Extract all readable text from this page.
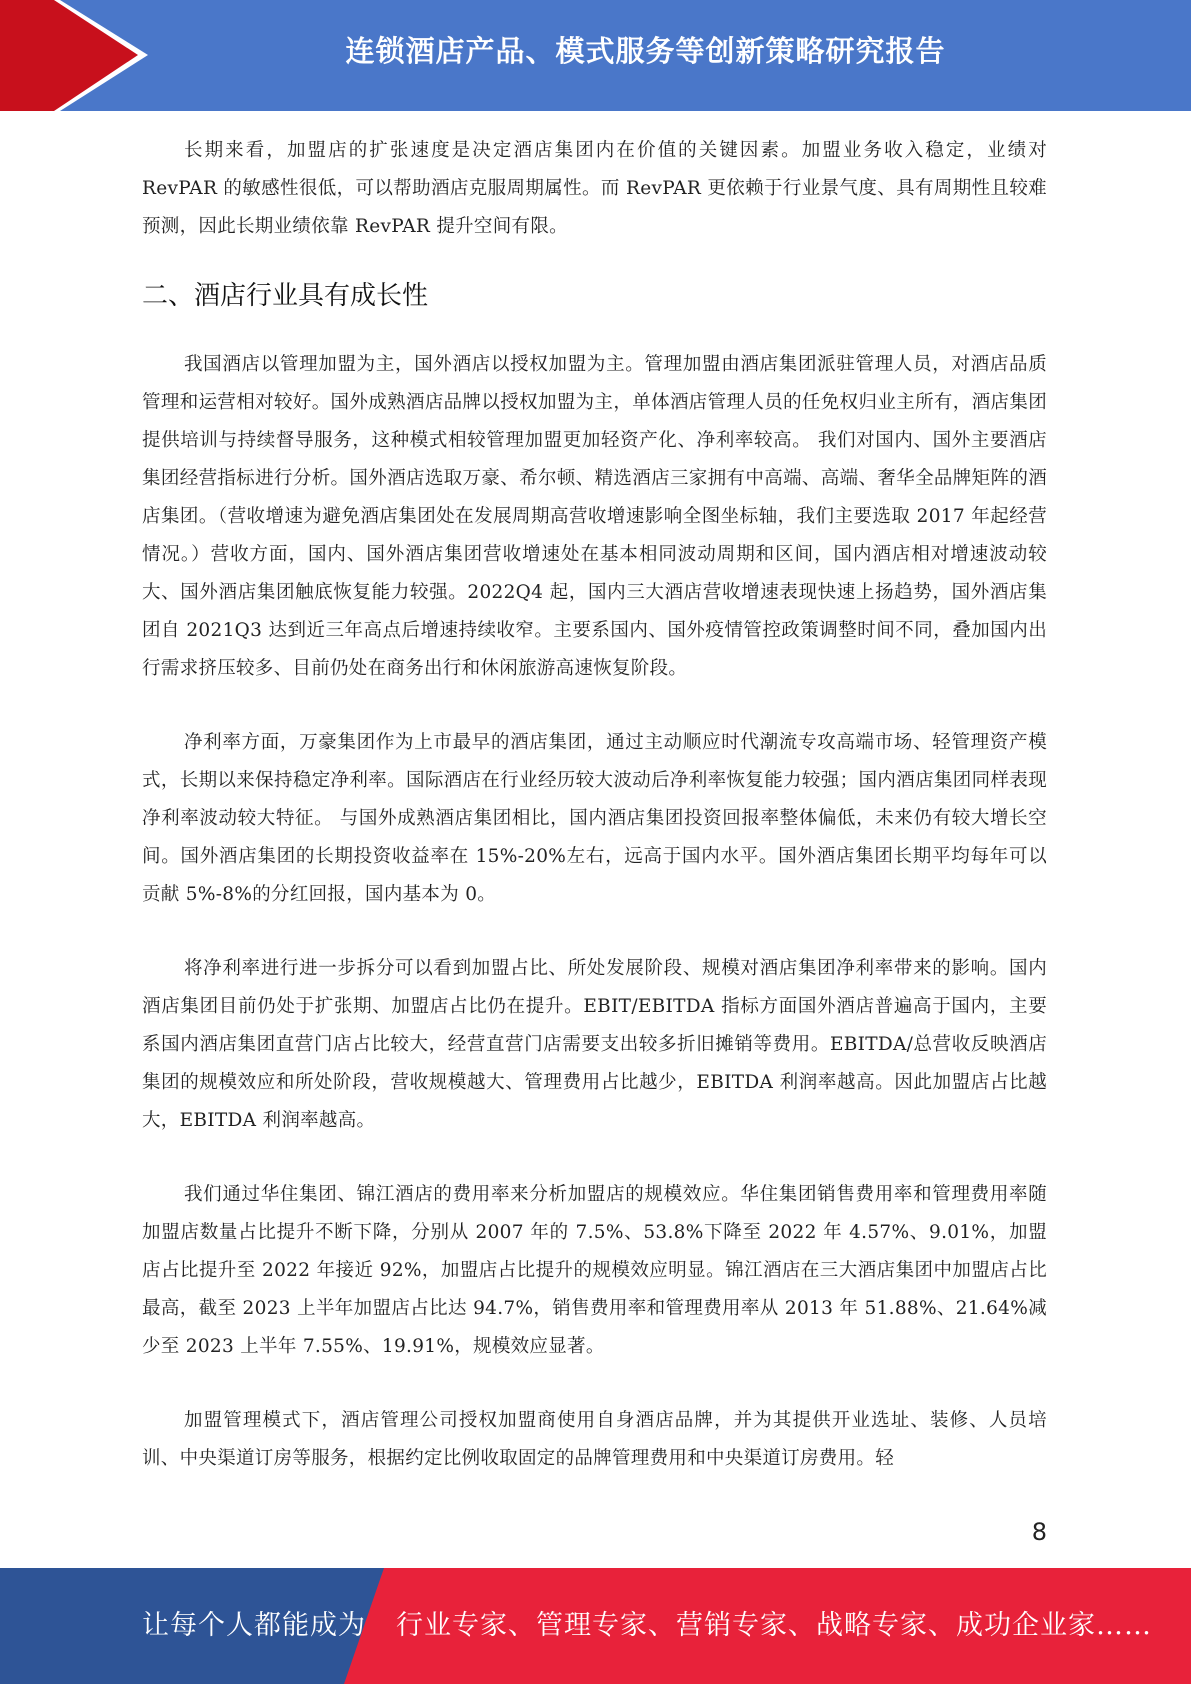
连锁酒店产品、模式服务等创新策略研究报告

长期来看，加盟店的扩张速度是决定酒店集团内在价值的关键因素。加盟业务收入稳定，业绩对 RevPAR 的敏感性很低，可以帮助酒店克服周期属性。而 RevPAR 更依赖于行业景气度、具有周期性且较难预测，因此长期业绩依靠 RevPAR 提升空间有限。

二、酒店行业具有成长性

我国酒店以管理加盟为主，国外酒店以授权加盟为主。管理加盟由酒店集团派驻管理人员，对酒店品质管理和运营相对较好。国外成熟酒店品牌以授权加盟为主，单体酒店管理人员的任免权归业主所有，酒店集团提供培训与持续督导服务，这种模式相较管理加盟更加轻资产化、净利率较高。 我们对国内、国外主要酒店集团经营指标进行分析。国外酒店选取万豪、希尔顿、精选酒店三家拥有中高端、高端、奢华全品牌矩阵的酒店集团。（营收增速为避免酒店集团处在发展周期高营收增速影响全图坐标轴，我们主要选取 2017 年起经营情况。）营收方面，国内、国外酒店集团营收增速处在基本相同波动周期和区间，国内酒店相对增速波动较大、国外酒店集团触底恢复能力较强。2022Q4 起，国内三大酒店营收增速表现快速上扬趋势，国外酒店集团自 2021Q3 达到近三年高点后增速持续收窄。主要系国内、国外疫情管控政策调整时间不同，叠加国内出行需求挤压较多、目前仍处在商务出行和休闲旅游高速恢复阶段。

净利率方面，万豪集团作为上市最早的酒店集团，通过主动顺应时代潮流专攻高端市场、轻管理资产模式，长期以来保持稳定净利率。国际酒店在行业经历较大波动后净利率恢复能力较强；国内酒店集团同样表现净利率波动较大特征。 与国外成熟酒店集团相比，国内酒店集团投资回报率整体偏低，未来仍有较大增长空间。国外酒店集团的长期投资收益率在 15%-20%左右，远高于国内水平。国外酒店集团长期平均每年可以贡献 5%-8%的分红回报，国内基本为 0。

将净利率进行进一步拆分可以看到加盟占比、所处发展阶段、规模对酒店集团净利率带来的影响。国内酒店集团目前仍处于扩张期、加盟店占比仍在提升。EBIT/EBITDA 指标方面国外酒店普遍高于国内，主要系国内酒店集团直营门店占比较大，经营直营门店需要支出较多折旧摊销等费用。EBITDA/总营收反映酒店集团的规模效应和所处阶段，营收规模越大、管理费用占比越少，EBITDA 利润率越高。因此加盟店占比越大，EBITDA 利润率越高。

我们通过华住集团、锦江酒店的费用率来分析加盟店的规模效应。华住集团销售费用率和管理费用率随加盟店数量占比提升不断下降，分别从 2007 年的 7.5%、53.8%下降至 2022 年 4.57%、9.01%，加盟店占比提升至 2022 年接近 92%，加盟店占比提升的规模效应明显。锦江酒店在三大酒店集团中加盟店占比最高，截至 2023 上半年加盟店占比达 94.7%，销售费用率和管理费用率从 2013 年 51.88%、21.64%减少至 2023 上半年 7.55%、19.91%，规模效应显著。

加盟管理模式下，酒店管理公司授权加盟商使用自身酒店品牌，并为其提供开业选址、装修、人员培训、中央渠道订房等服务，根据约定比例收取固定的品牌管理费用和中央渠道订房费用。轻

8
让每个人都能成为 行业专家、管理专家、营销专家、战略专家、成功企业家……
